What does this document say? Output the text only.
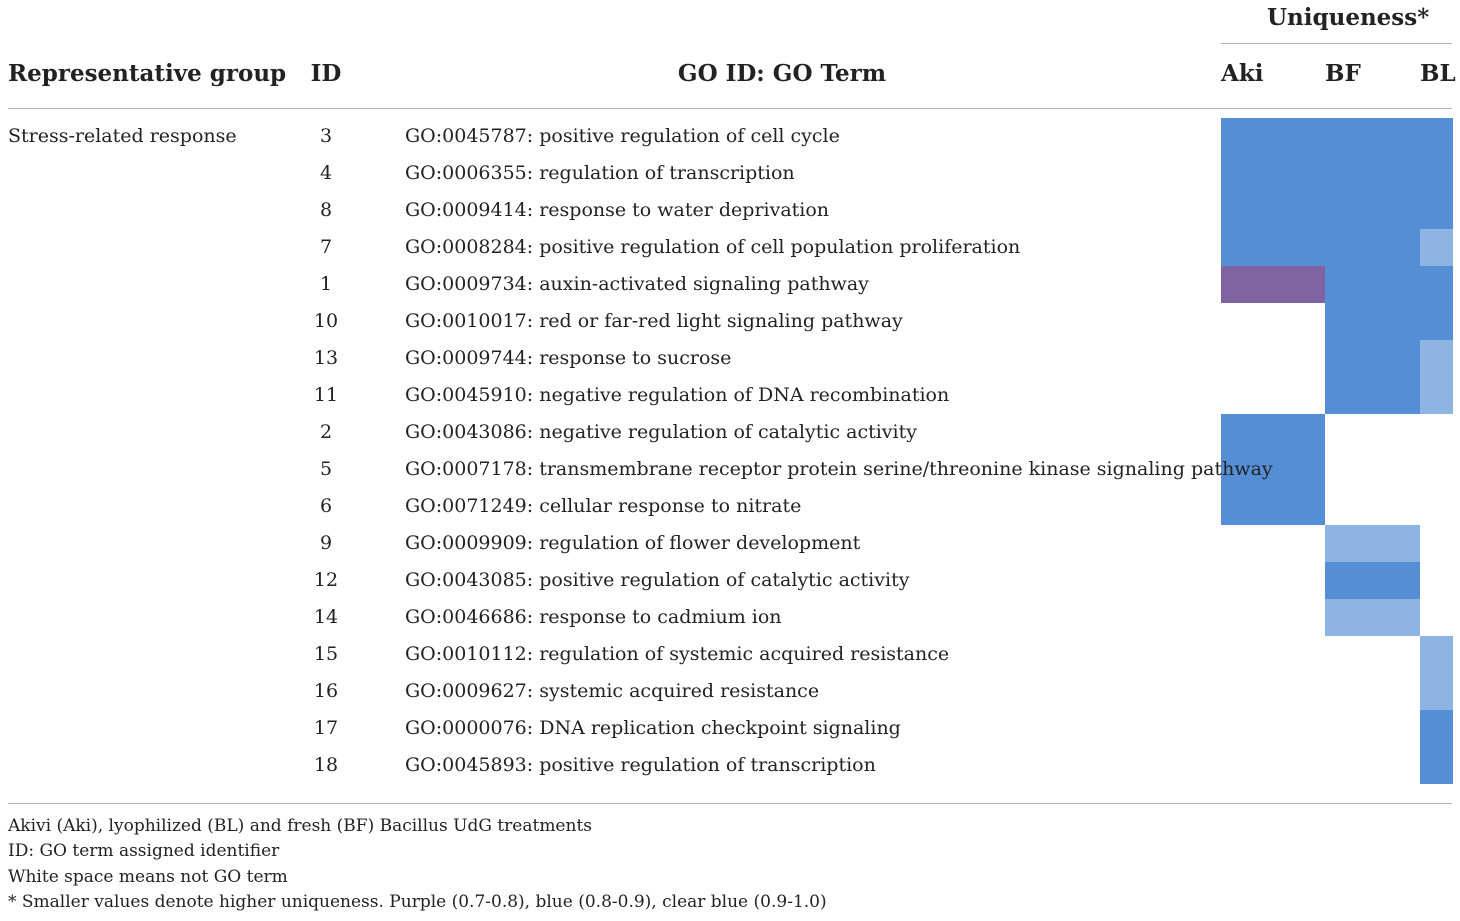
Uniqueness*
Representative group	ID	GO ID: GO Term	Aki	BF	BL
Stress-related response	3	GO:0045787: positive regulation of cell cycle
4	GO:0006355: regulation of transcription
8	GO:0009414: response to water deprivation
7	GO:0008284: positive regulation of cell population proliferation
1	GO:0009734: auxin-activated signaling pathway
10	GO:0010017: red or far-red light signaling pathway
13	GO:0009744: response to sucrose
11	GO:0045910: negative regulation of DNA recombination
2	GO:0043086: negative regulation of catalytic activity
5	GO:0007178: transmembrane receptor protein serine/threonine kinase signaling pathway
6	GO:0071249: cellular response to nitrate
9	GO:0009909: regulation of flower development
12	GO:0043085: positive regulation of catalytic activity
14	GO:0046686: response to cadmium ion
15	GO:0010112: regulation of systemic acquired resistance
16	GO:0009627: systemic acquired resistance
17	GO:0000076: DNA replication checkpoint signaling
18	GO:0045893: positive regulation of transcription
Akivi (Aki), lyophilized (BL) and fresh (BF) Bacillus UdG treatments
ID: GO term assigned identifier
White space means not GO term
* Smaller values denote higher uniqueness. Purple (0.7-0.8), blue (0.8-0.9), clear blue (0.9-1.0)
